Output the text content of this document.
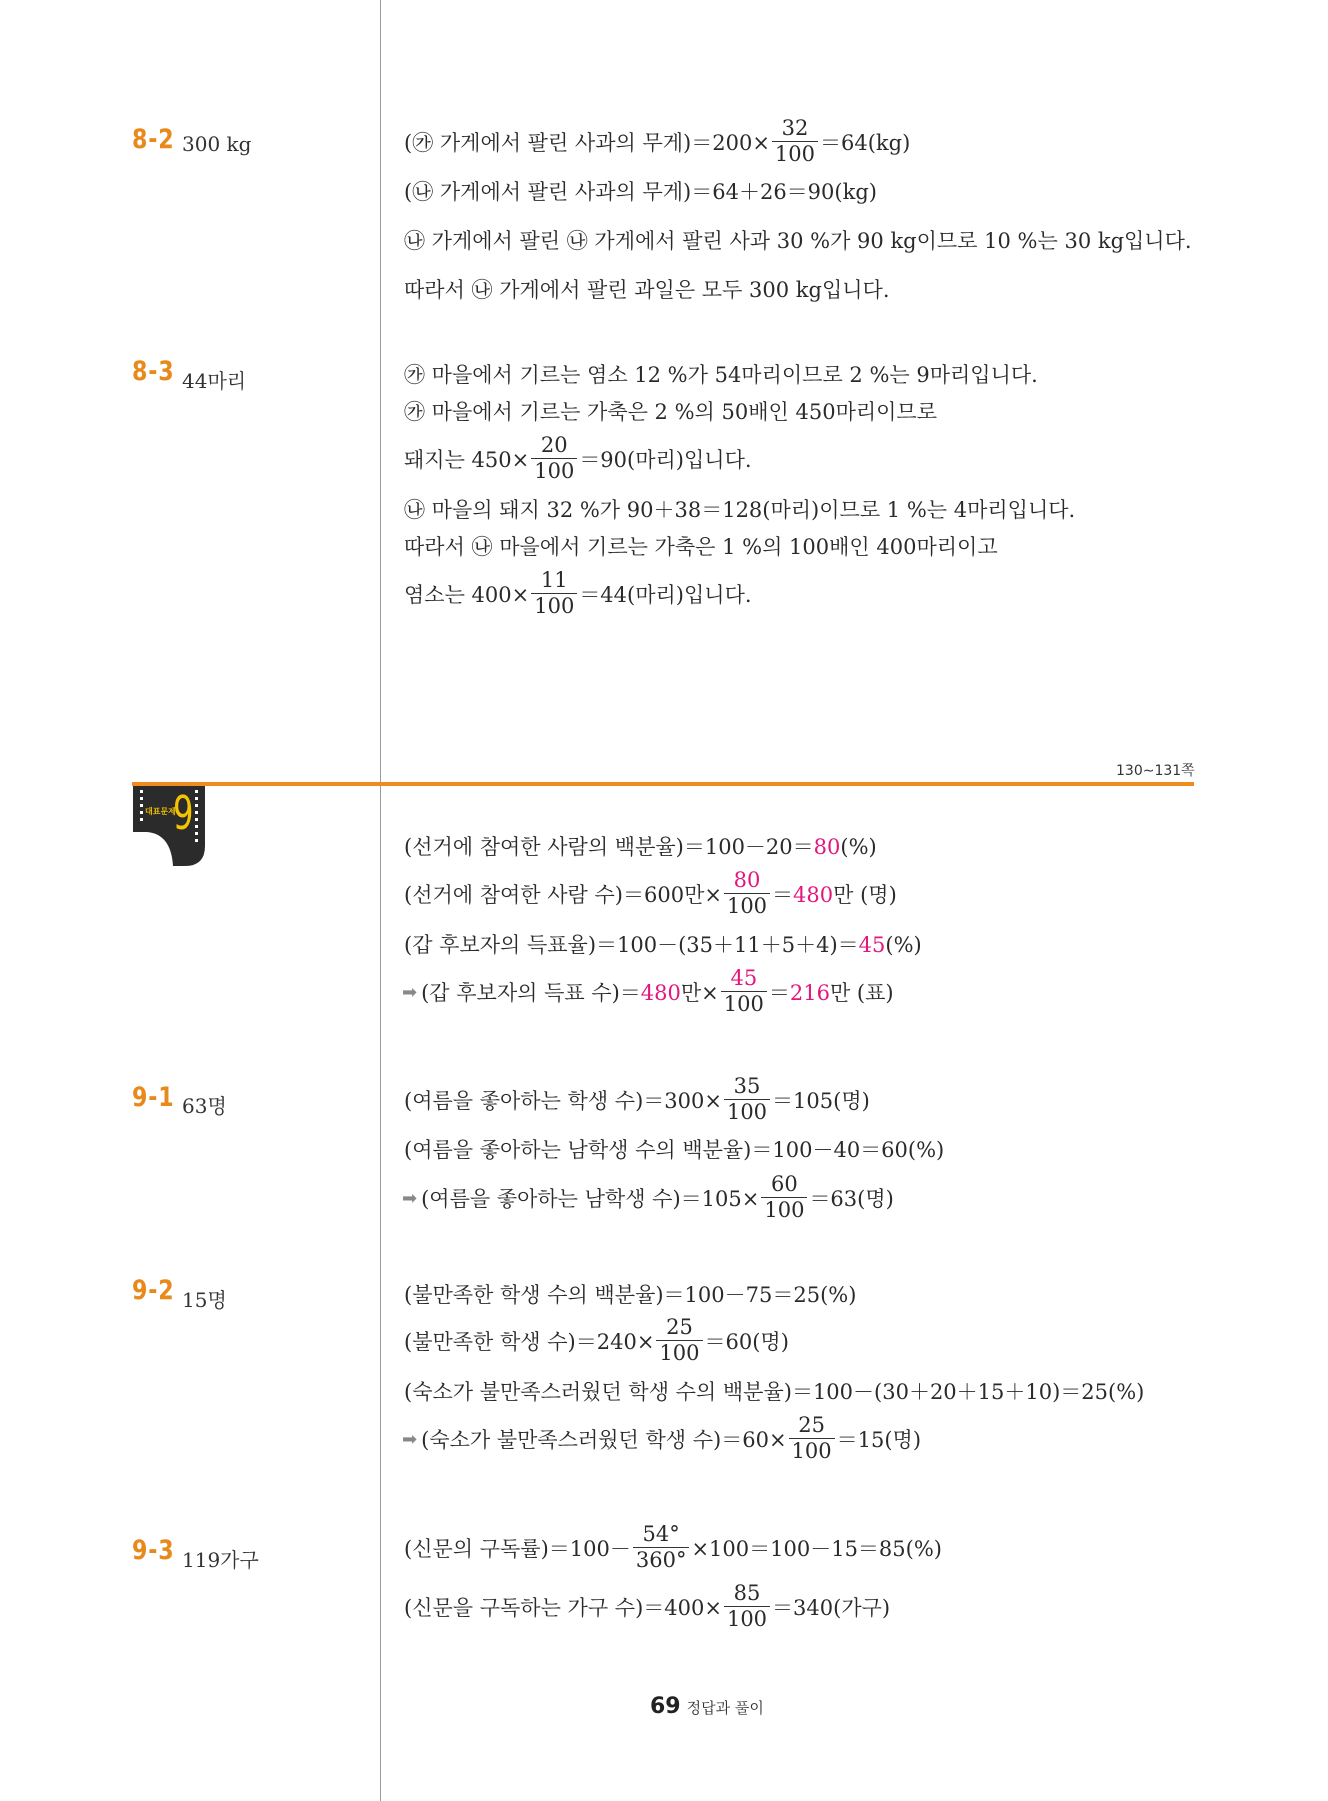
8-2 300 kg	(㉮ 가게에서 팔린 사과의 무게)$=200\times \frac{32}{100} =64(kg)$
(㉯ 가게에서 팔린 사과의 무게)＝64＋26＝90(kg)
㉯ 가게에서 팔린 ㉯ 가게에서 팔린 사과 30 %가 90 kg이므로 10 %는 30 kg입니다.
따라서 ㉯ 가게에서 팔린 과일은 모두 300 kg입니다.
8-3 44마리	㉮ 마을에서 기르는 염소 12 %가 54마리이므로 2 %는 9마리입니다.
㉮ 마을에서 기르는 가축은 2 %의 50배인 450마리이므로
돼지는 $450\times \frac{20}{100} =90$(마리)입니다.
㉯ 마을의 돼지 32 %가 90＋38＝128(마리)이므로 1 %는 4마리입니다.
따라서 ㉯ 마을에서 기르는 가축은 1 %의 100배인 400마리이고
염소는 $400\times \frac{11}{100} =44$(마리)입니다.
130∼131쪽
대표문제
9
(선거에 참여한 사람의 백분율)＝100－20＝ 80 (%)
(선거에 참여한 사람 수)＝600만× $\frac{80}{100} = 480$ 만 (명)
(갑 후보자의 득표율)＝100－(35＋11＋5＋4)＝ 45 (%)
➡ (갑 후보자의 득표 수)＝ 480 만× $\frac{45}{100} = 216$ 만 (표)
9-1 63명	(여름을 좋아하는 학생 수)$=300\times \frac{35}{100} =105$(명)
(여름을 좋아하는 남학생 수의 백분율)＝100－40＝60(%)
➡ (여름을 좋아하는 남학생 수)$=105\times \frac{60}{100} =63$(명)
9-2 15명	(불만족한 학생 수의 백분율)＝100－75＝25(%)
(불만족한 학생 수)$=240\times \frac{25}{100} =60$(명)
(숙소가 불만족스러웠던 학생 수의 백분율)＝100－(30＋20＋15＋10)＝25(%)
➡ (숙소가 불만족스러웠던 학생 수)$=60\times \frac{25}{100} =15$(명)
9-3 119가구	(신문의 구독률)$=100- \frac{54^\circ}{360^\circ} \times 100=100-15=85(\%)$
(신문을 구독하는 가구 수)$=400\times \frac{85}{100} =340$(가구)
69 정답과 풀이
